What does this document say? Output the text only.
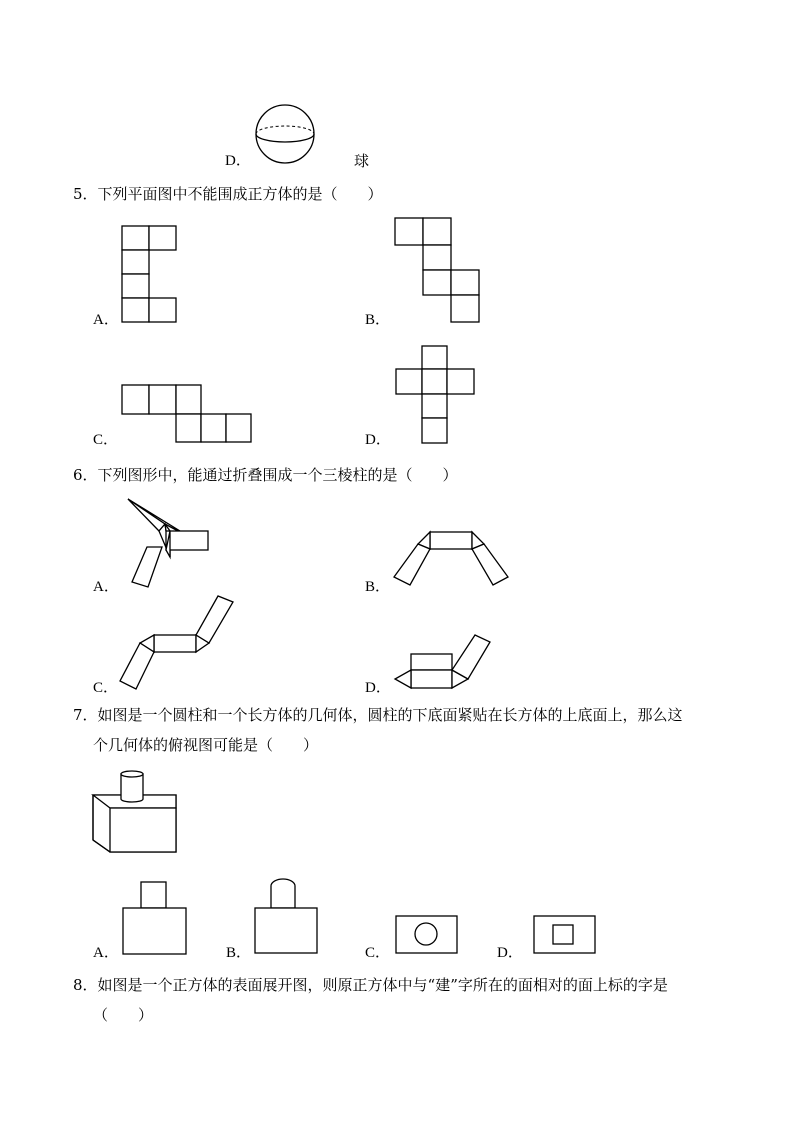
D．	球
5．下列平面图中不能围成正方体的是（　　）
A．	B．
C．	D．
6．下列图形中，能通过折叠围成一个三棱柱的是（　　）
A．	B．
C．	D．
7．如图是一个圆柱和一个长方体的几何体，圆柱的下底面紧贴在长方体的上底面上，那么这
个几何体的俯视图可能是（　　）
A．	B．	C．	D．
8．如图是一个正方体的表面展开图，则原正方体中与“建”字所在的面相对的面上标的字是
（　　）
